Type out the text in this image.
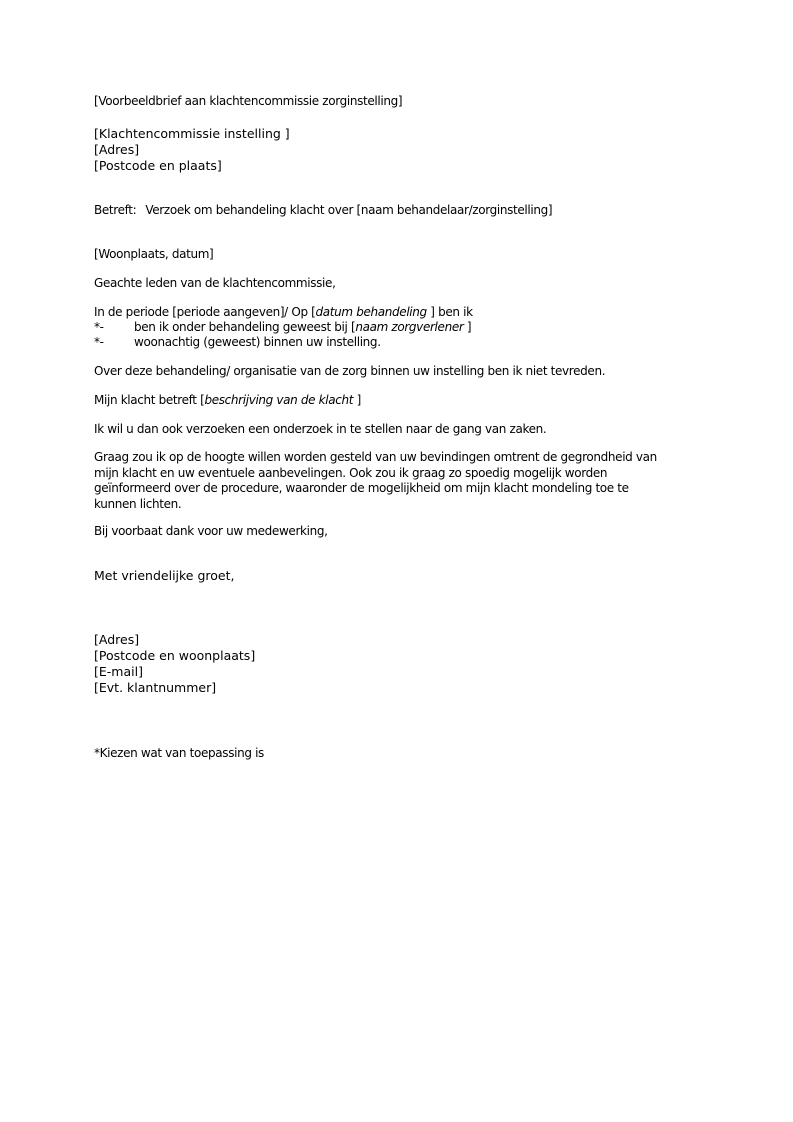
[Voorbeeldbrief aan klachtencommissie zorginstelling]
[Klachtencommissie instelling ]
[Adres]
[Postcode en plaats]
Betreft: Verzoek om behandeling klacht over [naam behandelaar/zorginstelling]
[Woonplaats, datum]
Geachte leden van de klachtencommissie,
In de periode [periode aangeven]/ Op [datum behandeling ] ben ik
*-	ben ik onder behandeling geweest bij [naam zorgverlener ]
*-	woonachtig (geweest) binnen uw instelling.
Over deze behandeling/ organisatie van de zorg binnen uw instelling ben ik niet tevreden.
Mijn klacht betreft [beschrijving van de klacht ]
Ik wil u dan ook verzoeken een onderzoek in te stellen naar de gang van zaken.
Graag zou ik op de hoogte willen worden gesteld van uw bevindingen omtrent de gegrondheid van
mijn klacht en uw eventuele aanbevelingen. Ook zou ik graag zo spoedig mogelijk worden
geïnformeerd over de procedure, waaronder de mogelijkheid om mijn klacht mondeling toe te
kunnen lichten.
Bij voorbaat dank voor uw medewerking,
Met vriendelijke groet,
[Adres]
[Postcode en woonplaats]
[E-mail]
[Evt. klantnummer]
*Kiezen wat van toepassing is
